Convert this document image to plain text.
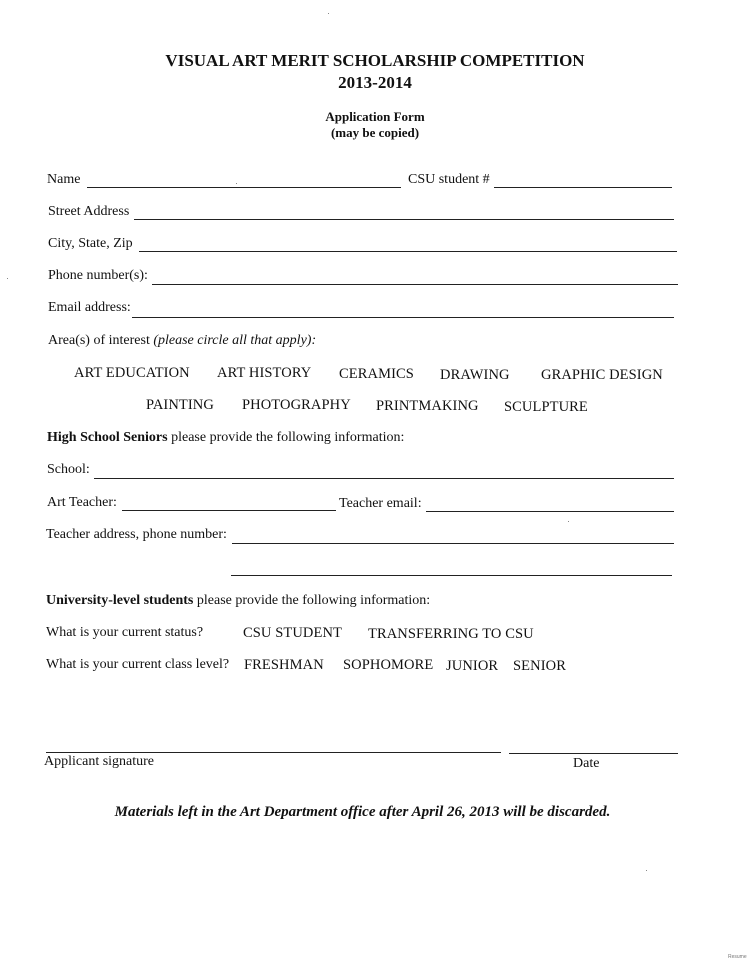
VISUAL ART MERIT SCHOLARSHIP COMPETITION
2013-2014
Application Form
(may be copied)
Name	CSU student #
Street Address
City, State, Zip
Phone number(s):
Email address:
Area(s) of interest (please circle all that apply):
ART EDUCATION ART HISTORY CERAMICS DRAWING GRAPHIC DESIGN
PAINTING PHOTOGRAPHY PRINTMAKING SCULPTURE
High School Seniors please provide the following information:
School:
Art Teacher:	Teacher email:
Teacher address, phone number:
University-level students please provide the following information:
What is your current status?	CSU STUDENT TRANSFERRING TO CSU
What is your current class level? FRESHMAN SOPHOMORE JUNIOR SENIOR
Applicant signature	Date
Materials left in the Art Department office after April 26, 2013 will be discarded.
Resume
